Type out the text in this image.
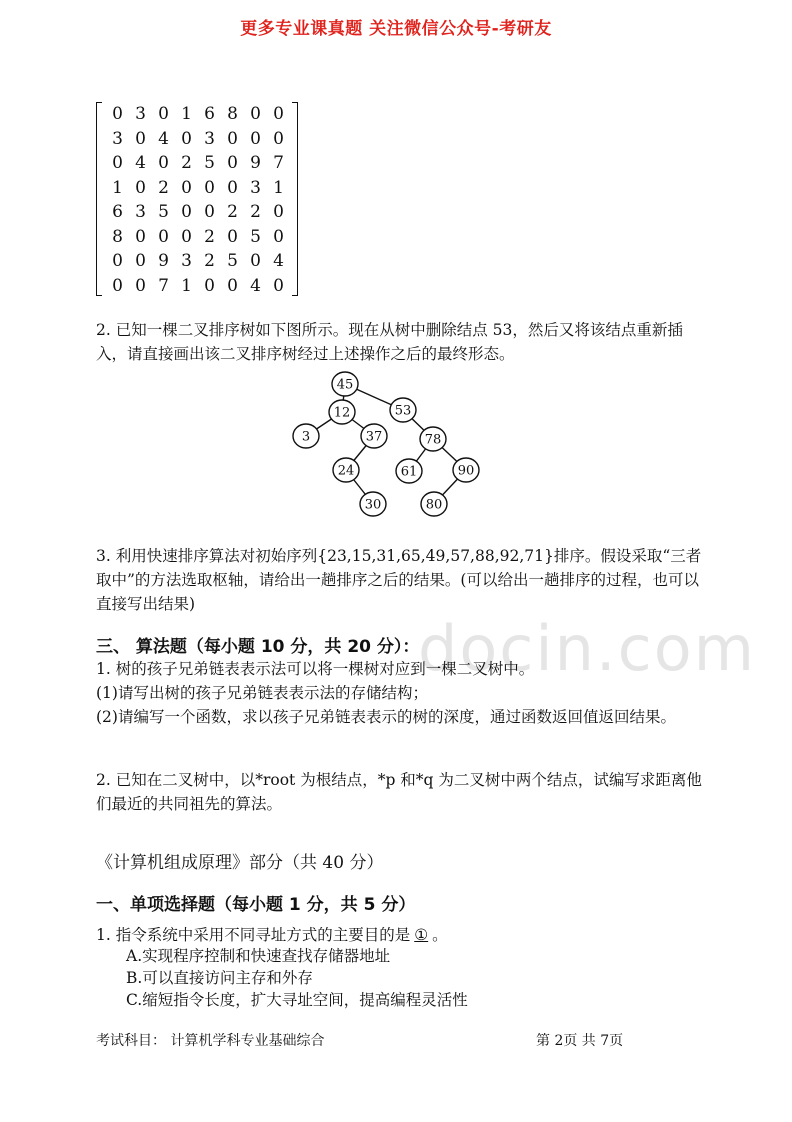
更多专业课真题 关注微信公众号-考研友
0 3 0 1 6 8 0 0
3 0 4 0 3 0 0 0
0 4 0 2 5 0 9 7
1 0 2 0 0 0 3 1
6 3 5 0 0 2 2 0
8 0 0 0 2 0 5 0
0 0 9 3 2 5 0 4
0 0 7 1 0 0 4 0
2. 已知一棵二叉排序树如下图所示。现在从树中删除结点 53，然后又将该结点重新插入，请直接画出该二叉排序树经过上述操作之后的最终形态。
45
12	53
3	37	78
24	61	90
30	80
3. 利用快速排序算法对初始序列{23,15,31,65,49,57,88,92,71}排序。假设采取“三者取中”的方法选取枢轴，请给出一趟排序之后的结果。(可以给出一趟排序的过程，也可以直接写出结果)
docin.com
三、 算法题（每小题 10 分，共 20 分）：
1. 树的孩子兄弟链表表示法可以将一棵树对应到一棵二叉树中。
(1)请写出树的孩子兄弟链表表示法的存储结构；
(2)请编写一个函数，求以孩子兄弟链表表示的树的深度，通过函数返回值返回结果。
2. 已知在二叉树中，以*root 为根结点，*p 和*q 为二叉树中两个结点，试编写求距离他们最近的共同祖先的算法。
《计算机组成原理》部分（共 40 分）
一、单项选择题（每小题 1 分，共 5 分）
1. 指令系统中采用不同寻址方式的主要目的是 ① 。
A.实现程序控制和快速查找存储器地址
B.可以直接访问主存和外存
C.缩短指令长度，扩大寻址空间，提高编程灵活性
考试科目： 计算机学科专业基础综合	第 2页 共 7页
